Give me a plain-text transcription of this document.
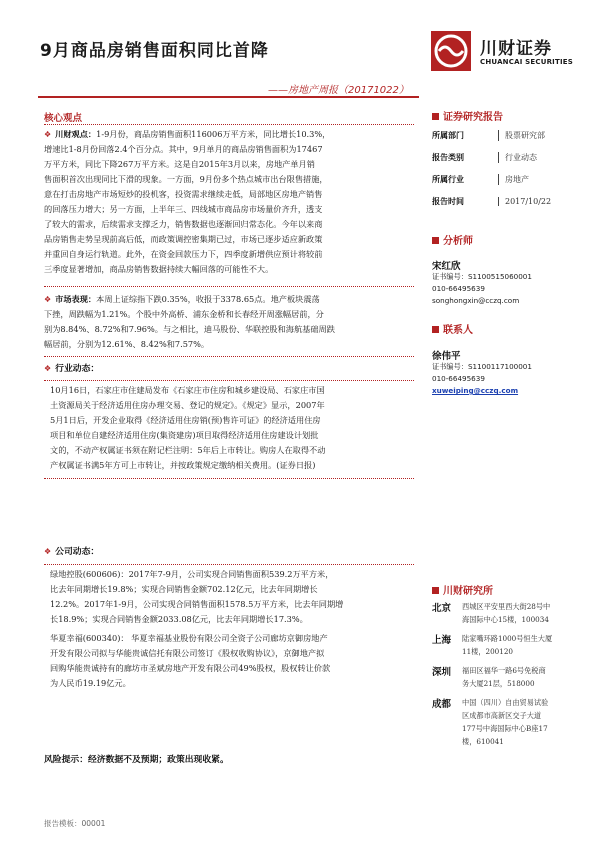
9月商品房销售面积同比首降
——房地产周报（20171022）
川财证券
CHUANCAI SECURITIES
核心观点
❖ 川财观点：1-9月份，商品房销售面积116006万平方米，同比增长10.3%，
增速比1-8月份回落2.4个百分点。其中，9月单月的商品房销售面积为17467
万平方米，同比下降267万平方米。这是自2015年3月以来，房地产单月销
售面积首次出现同比下滑的现象。一方面，9月份多个热点城市出台限售措施，
意在打击房地产市场短炒的投机客，投资需求继续走低，局部地区房地产销售
的回落压力增大；另一方面，上半年三、四线城市商品房市场量价齐升，透支
了较大的需求，后续需求支撑乏力，销售数据也逐渐回归常态化。今年以来商
品房销售走势呈现前高后低，而政策调控密集期已过，市场已逐步适应新政策
并重回自身运行轨道。此外，在资金回款压力下，四季度新增供应预计将较前
三季度显著增加，商品房销售数据持续大幅回落的可能性不大。
❖ 市场表现：本周上证综指下跌0.35%，收报于3378.65点。地产板块震荡
下挫，周跌幅为1.21%。个股中外高桥、浦东金桥和长春经开周涨幅居前，分
别为8.84%、8.72%和7.96%。与之相比，迪马股份、华联控股和海航基础周跌
幅居前，分别为12.61%、8.42%和7.57%。
❖ 行业动态：
10月16日，石家庄市住建局发布《石家庄市住房和城乡建设局、石家庄市国
土资源局关于经济适用住房办理交易、登记的规定》。《规定》显示，2007年
5月1日后，开发企业取得《经济适用住房销(预)售许可证》的经济适用住房
项目和单位自建经济适用住房(集资建房)项目取得经济适用住房建设计划批
文的，不动产权属证书须在附记栏注明：5年后上市转让。购房人在取得不动
产权属证书满5年方可上市转让，并按政策规定缴纳相关费用。(证券日报)
❖ 公司动态：
绿地控股(600606)：2017年7-9月，公司实现合同销售面积539.2万平方米，
比去年同期增长19.8%；实现合同销售金额702.12亿元，比去年同期增长
12.2%。2017年1-9月，公司实现合同销售面积1578.5万平方米，比去年同期增
长18.9%；实现合同销售金额2033.08亿元，比去年同期增长17.3%。
华夏幸福(600340)： 华夏幸福基业股份有限公司全资子公司廊坊京御房地产
开发有限公司拟与华能贵诚信托有限公司签订《股权收购协议》，京御地产拟
回购华能贵诚持有的廊坊市圣斌房地产开发有限公司49%股权，股权转让价款
为人民币19.19亿元。
风险提示：经济数据不及预期；政策出现收紧。
证券研究报告
所属部门	股票研究部
报告类别	行业动态
所属行业	房地产
报告时间	2017/10/22
分析师
宋红欣
证书编号：S1100515060001
010-66495639
songhongxin@cczq.com
联系人
徐伟平
证书编号：S1100117100001
010-66495639
xuweiping@cczq.com
川财研究所
北京	西城区平安里西大街28号中
海国际中心15楼，100034
上海	陆家嘴环路1000号恒生大厦
11楼，200120
深圳	福田区福华一路6号免税商
务大厦21层，518000
成都	中国（四川）自由贸易试验
区成都市高新区交子大道
177号中海国际中心B座17
楼，610041
报告模板：00001
